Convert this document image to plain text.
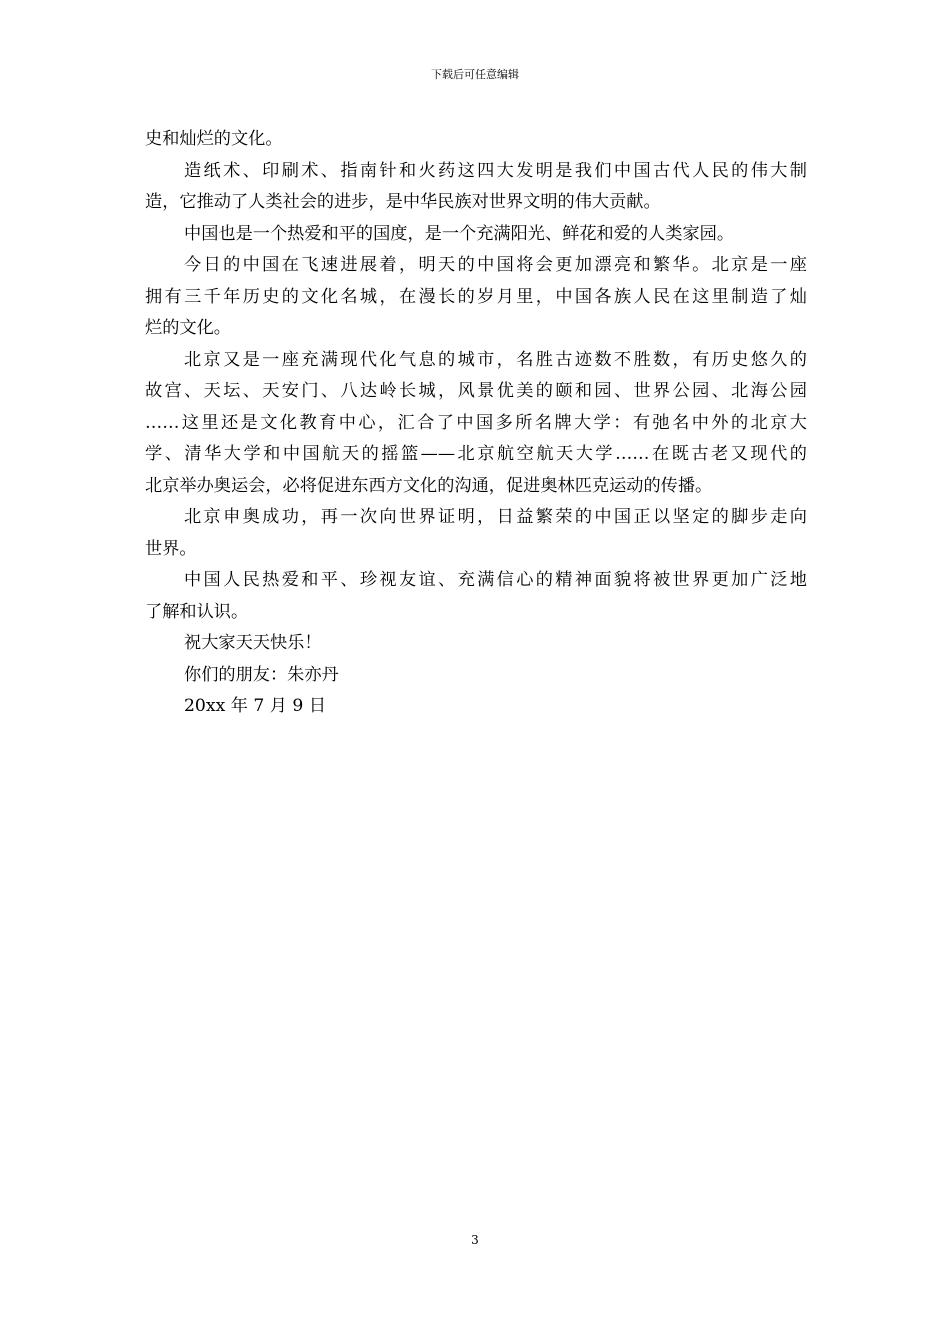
下载后可任意编辑

史和灿烂的文化。

造纸术、印刷术、指南针和火药这四大发明是我们中国古代人民的伟大制
造，它推动了人类社会的进步，是中华民族对世界文明的伟大贡献。

中国也是一个热爱和平的国度，是一个充满阳光、鲜花和爱的人类家园。

今日的中国在飞速进展着，明天的中国将会更加漂亮和繁华。北京是一座
拥有三千年历史的文化名城，在漫长的岁月里，中国各族人民在这里制造了灿
烂的文化。

北京又是一座充满现代化气息的城市，名胜古迹数不胜数，有历史悠久的
故宫、天坛、天安门、八达岭长城，风景优美的颐和园、世界公园、北海公园
……这里还是文化教育中心，汇合了中国多所名牌大学：有弛名中外的北京大
学、清华大学和中国航天的摇篮——北京航空航天大学……在既古老又现代的
北京举办奥运会，必将促进东西方文化的沟通，促进奥林匹克运动的传播。

北京申奥成功，再一次向世界证明，日益繁荣的中国正以坚定的脚步走向
世界。

中国人民热爱和平、珍视友谊、充满信心的精神面貌将被世界更加广泛地
了解和认识。

祝大家天天快乐！

你们的朋友：朱亦丹

20xx 年 7 月 9 日

3
